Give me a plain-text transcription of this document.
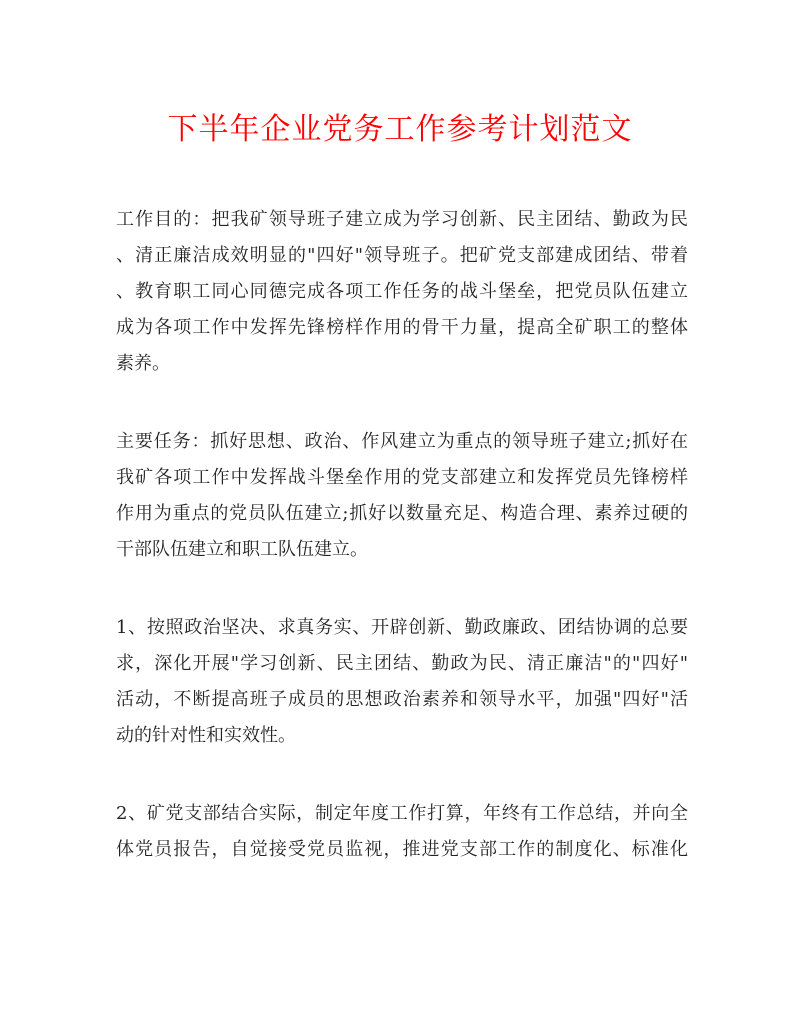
下半年企业党务工作参考计划范文
工作目的：把我矿领导班子建立成为学习创新、民主团结、勤政为民
、清正廉洁成效明显的"四好"领导班子。把矿党支部建成团结、带着
、教育职工同心同德完成各项工作任务的战斗堡垒，把党员队伍建立
成为各项工作中发挥先锋榜样作用的骨干力量，提高全矿职工的整体
素养。
主要任务：抓好思想、政治、作风建立为重点的领导班子建立;抓好在
我矿各项工作中发挥战斗堡垒作用的党支部建立和发挥党员先锋榜样
作用为重点的党员队伍建立;抓好以数量充足、构造合理、素养过硬的
干部队伍建立和职工队伍建立。
1、按照政治坚决、求真务实、开辟创新、勤政廉政、团结协调的总要
求，深化开展"学习创新、民主团结、勤政为民、清正廉洁"的"四好"
活动，不断提高班子成员的思想政治素养和领导水平，加强"四好"活
动的针对性和实效性。
2、矿党支部结合实际，制定年度工作打算，年终有工作总结，并向全
体党员报告，自觉接受党员监视，推进党支部工作的制度化、标准化
